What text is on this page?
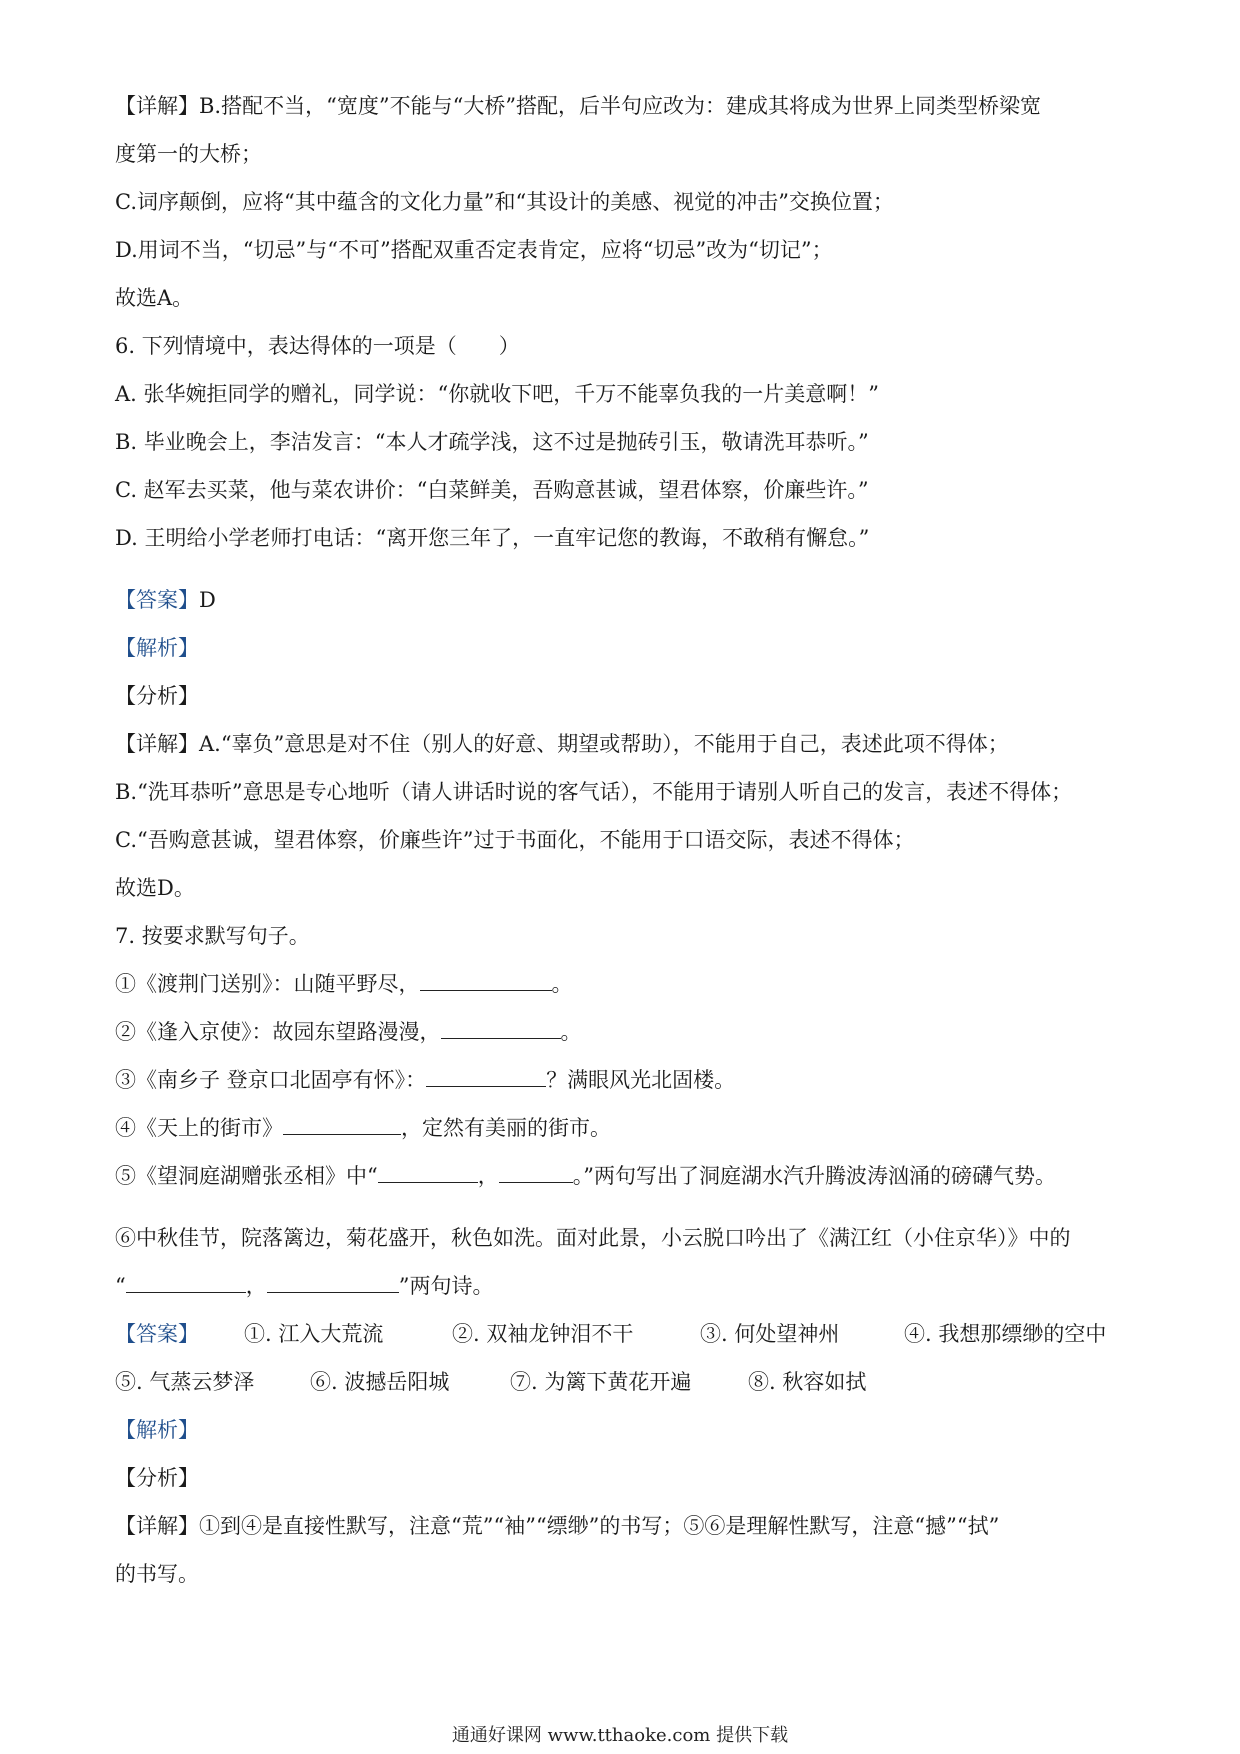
【详解】B.搭配不当，“宽度”不能与“大桥”搭配，后半句应改为：建成其将成为世界上同类型桥梁宽
度第一的大桥；
C.词序颠倒，应将“其中蕴含的文化力量”和“其设计的美感、视觉的冲击”交换位置；
D.用词不当，“切忌”与“不可”搭配双重否定表肯定，应将“切忌”改为“切记”；
故选A。
6. 下列情境中，表达得体的一项是（　　）
A. 张华婉拒同学的赠礼，同学说：“你就收下吧，千万不能辜负我的一片美意啊！”
B. 毕业晚会上，李洁发言：“本人才疏学浅，这不过是抛砖引玉，敬请洗耳恭听。”
C. 赵军去买菜，他与菜农讲价：“白菜鲜美，吾购意甚诚，望君体察，价廉些许。”
D. 王明给小学老师打电话：“离开您三年了，一直牢记您的教诲，不敢稍有懈怠。”
【答案】D
【解析】
【分析】
【详解】A.“辜负”意思是对不住（别人的好意、期望或帮助），不能用于自己，表述此项不得体；
B.“洗耳恭听”意思是专心地听（请人讲话时说的客气话），不能用于请别人听自己的发言，表述不得体；
C.“吾购意甚诚，望君体察，价廉些许”过于书面化，不能用于口语交际，表述不得体；
故选D。
7. 按要求默写句子。
①《渡荆门送别》：山随平野尽，	。
②《逢入京使》：故园东望路漫漫，	。
③《南乡子 登京口北固亭有怀》：	？满眼风光北固楼。
④《天上的街市》	，定然有美丽的街市。
⑤《望洞庭湖赠张丞相》中“	，	。”两句写出了洞庭湖水汽升腾波涛汹涌的磅礴气势。
⑥中秋佳节，院落篱边，菊花盛开，秋色如洗。面对此景，小云脱口吟出了《满江红（小住京华）》中的
“	，	”两句诗。
【答案】 ①. 江入大荒流	②. 双袖龙钟泪不干	③. 何处望神州	④. 我想那缥缈的空中
⑤. 气蒸云梦泽	⑥. 波撼岳阳城	⑦. 为篱下黄花开遍	⑧. 秋容如拭
【解析】
【分析】
【详解】①到④是直接性默写，注意“荒”“袖”“缥缈”的书写；⑤⑥是理解性默写，注意“撼”“拭”
的书写。
通通好课网 www.tthaoke.com 提供下载
